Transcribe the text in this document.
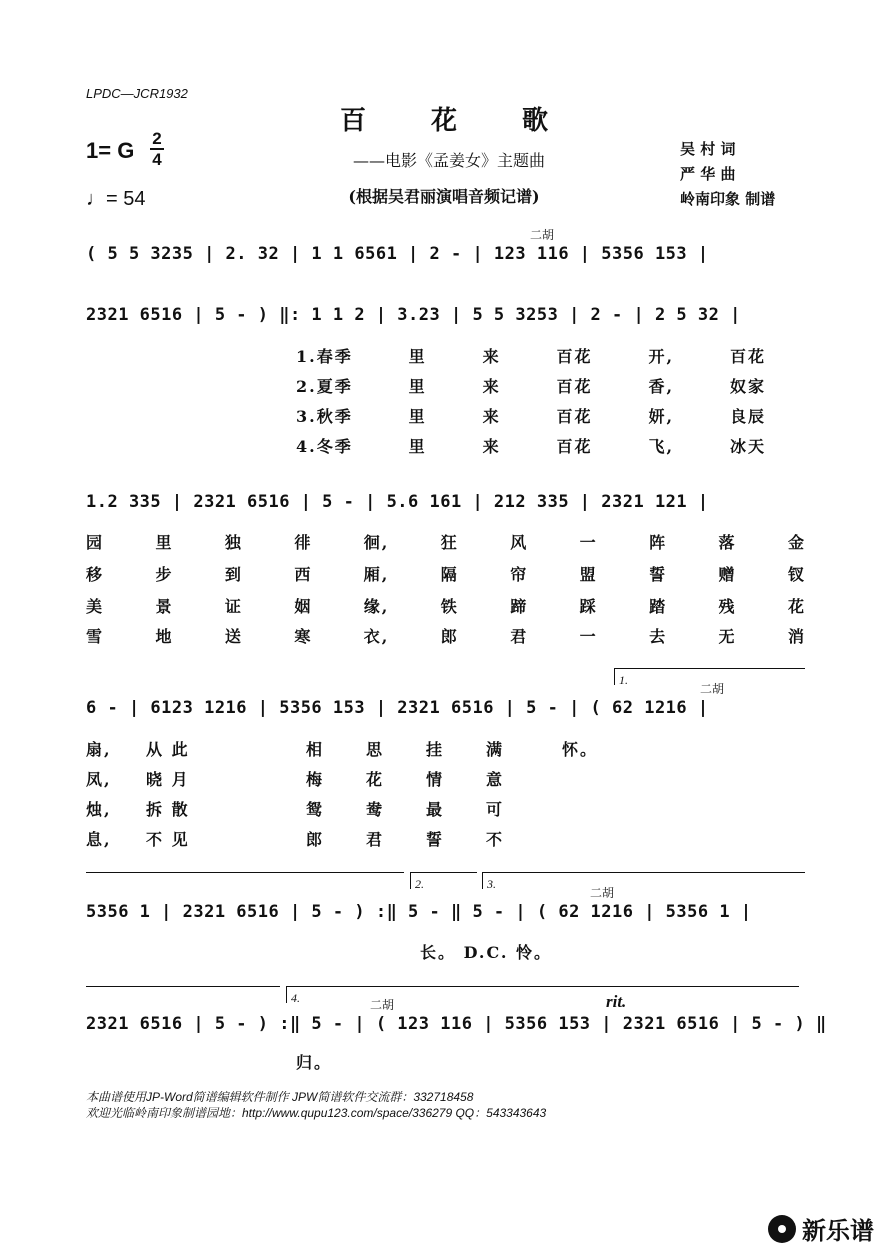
LPDC—JCR1932
百 花 歌
——电影《孟姜女》主题曲
(根据吴君丽演唱音频记谱)
1= G 2
4
♩= 54
吴 村 词
严 华 曲
岭南印象 制谱
二胡
( 5 5 3235 | 2. 32 | 1 1 6561 | 2 - | 123 116 | 5356 153 |
2321 6516 | 5 - ) ‖: 1 1 2 | 3.23 | 5 5 3253 | 2 - | 2 5 32 |
1.春季	里	来	百花	开,	百花
2.夏季	里	来	百花	香,	奴家
3.秋季	里	来	百花	妍,	良辰
4.冬季	里	来	百花	飞,	冰天
1.2 335 | 2321 6516 | 5 - | 5.6 161 | 212 335 | 2321 121 |
园	里	独	徘	徊,	狂	风	一	阵	落	金
移	步	到	西	厢,	隔	帘	盟	誓	赠	钗
美	景	证	姻	缘,	铁	蹄	踩	踏	残	花
雪	地	送	寒	衣,	郎	君	一	去	无	消
1.
二胡
6 - | 6123 1216 | 5356 153 | 2321 6516 | 5 - | ( 62 1216 |
扇,	从 此	相	思	挂	满	怀。
凤,	晓 月	梅	花	情	意
烛,	拆 散	鸳	鸯	最	可
息,	不 见	郎	君	誓	不
2.	3.
二胡
5356 1 | 2321 6516 | 5 - ) :‖ 5 - ‖ 5 - | ( 62 1216 | 5356 1 |
长。 D.C. 怜。
4.	二胡	rit.
2321 6516 | 5 - ) :‖ 5 - | ( 123 116 | 5356 153 | 2321 6516 | 5 - ) ‖
归。
本曲谱使用JP-Word简谱编辑软件制作 JPW简谱软件交流群：332718458
欢迎光临岭南印象制谱园地：http://www.qupu123.com/space/336279 QQ：543343643
新乐谱
